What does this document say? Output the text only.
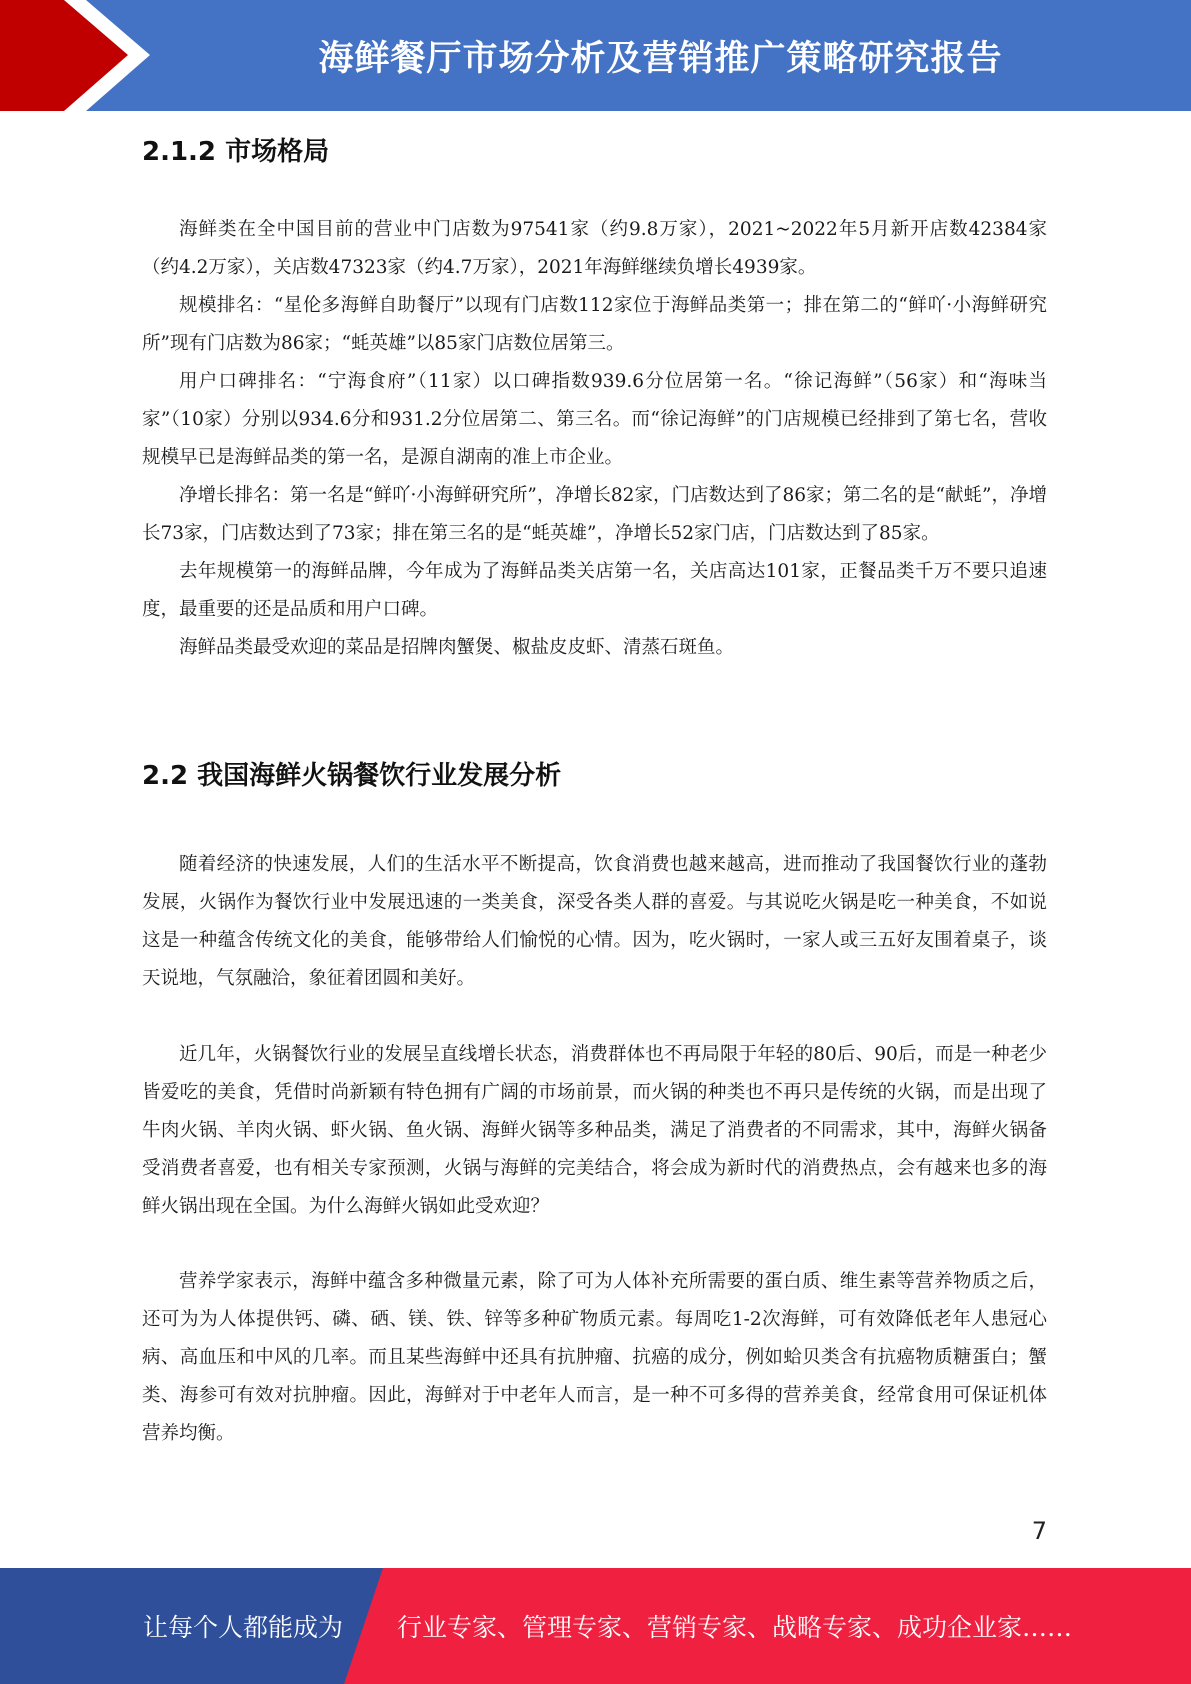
海鲜餐厅市场分析及营销推广策略研究报告
2.1.2 市场格局

海鲜类在全中国目前的营业中门店数为97541家（约9.8万家），2021~2022年5月新开店数42384家（约4.2万家），关店数47323家（约4.7万家），2021年海鲜继续负增长4939家。

规模排名：“星伦多海鲜自助餐厅”以现有门店数112家位于海鲜品类第一；排在第二的“鲜吖·小海鲜研究所”现有门店数为86家；“蚝英雄”以85家门店数位居第三。

用户口碑排名：“宁海食府”（11家）以口碑指数939.6分位居第一名。“徐记海鲜”（56家）和“海味当家”（10家）分别以934.6分和931.2分位居第二、第三名。而“徐记海鲜”的门店规模已经排到了第七名，营收规模早已是海鲜品类的第一名，是源自湖南的准上市企业。

净增长排名：第一名是“鲜吖·小海鲜研究所”，净增长82家，门店数达到了86家；第二名的是“献蚝”，净增长73家，门店数达到了73家；排在第三名的是“蚝英雄”，净增长52家门店，门店数达到了85家。

去年规模第一的海鲜品牌，今年成为了海鲜品类关店第一名，关店高达101家，正餐品类千万不要只追速度，最重要的还是品质和用户口碑。

海鲜品类最受欢迎的菜品是招牌肉蟹煲、椒盐皮皮虾、清蒸石斑鱼。

2.2 我国海鲜火锅餐饮行业发展分析

随着经济的快速发展，人们的生活水平不断提高，饮食消费也越来越高，进而推动了我国餐饮行业的蓬勃发展，火锅作为餐饮行业中发展迅速的一类美食，深受各类人群的喜爱。与其说吃火锅是吃一种美食，不如说这是一种蕴含传统文化的美食，能够带给人们愉悦的心情。因为，吃火锅时，一家人或三五好友围着桌子，谈天说地，气氛融洽，象征着团圆和美好。

近几年，火锅餐饮行业的发展呈直线增长状态，消费群体也不再局限于年轻的80后、90后，而是一种老少皆爱吃的美食，凭借时尚新颖有特色拥有广阔的市场前景，而火锅的种类也不再只是传统的火锅，而是出现了牛肉火锅、羊肉火锅、虾火锅、鱼火锅、海鲜火锅等多种品类，满足了消费者的不同需求，其中，海鲜火锅备受消费者喜爱，也有相关专家预测，火锅与海鲜的完美结合，将会成为新时代的消费热点，会有越来也多的海鲜火锅出现在全国。为什么海鲜火锅如此受欢迎？

营养学家表示，海鲜中蕴含多种微量元素，除了可为人体补充所需要的蛋白质、维生素等营养物质之后，还可为为人体提供钙、磷、硒、镁、铁、锌等多种矿物质元素。每周吃1-2次海鲜，可有效降低老年人患冠心病、高血压和中风的几率。而且某些海鲜中还具有抗肿瘤、抗癌的成分，例如蛤贝类含有抗癌物质糖蛋白；蟹类、海参可有效对抗肿瘤。因此，海鲜对于中老年人而言，是一种不可多得的营养美食，经常食用可保证机体营养均衡。

7
让每个人都能成为 行业专家、管理专家、营销专家、战略专家、成功企业家……
